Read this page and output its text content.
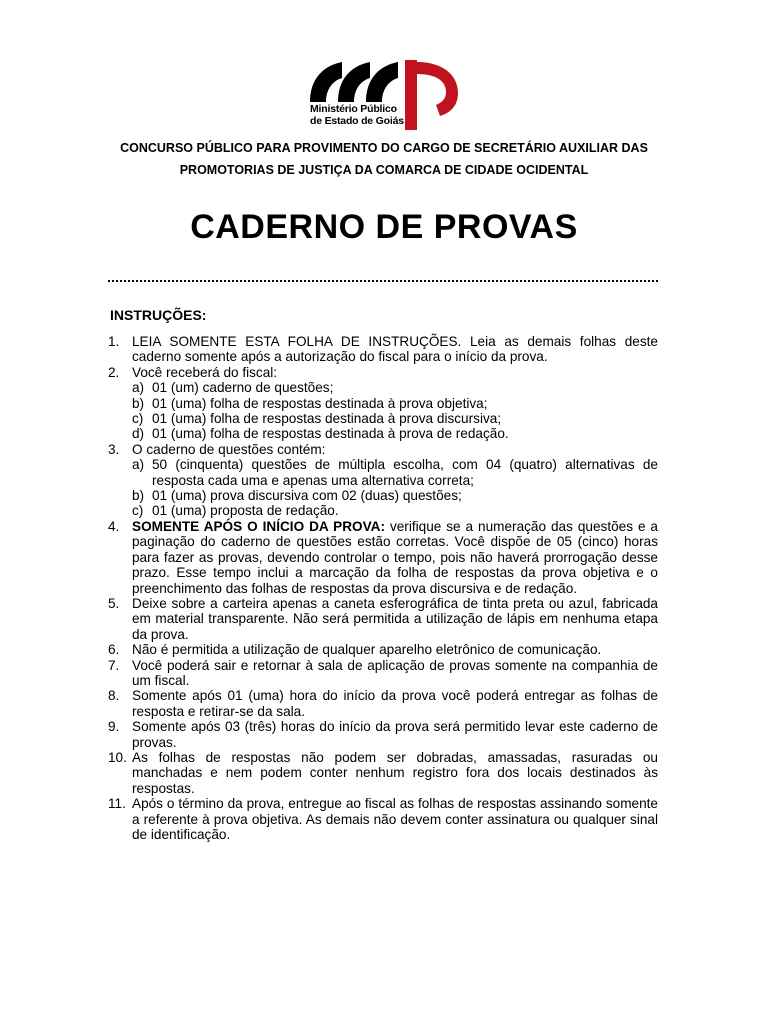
Ministério Público
de Estado de Goiás
CONCURSO PÚBLICO PARA PROVIMENTO DO CARGO DE SECRETÁRIO AUXILIAR DAS
PROMOTORIAS DE JUSTIÇA DA COMARCA DE CIDADE OCIDENTAL
CADERNO DE PROVAS
INSTRUÇÕES:
1. LEIA SOMENTE ESTA FOLHA DE INSTRUÇÕES. Leia as demais folhas deste caderno somente após a autorização do fiscal para o início da prova.
2. Você receberá do fiscal:
a) 01 (um) caderno de questões;
b) 01 (uma) folha de respostas destinada à prova objetiva;
c) 01 (uma) folha de respostas destinada à prova discursiva;
d) 01 (uma) folha de respostas destinada à prova de redação.
3. O caderno de questões contém:
a) 50 (cinquenta) questões de múltipla escolha, com 04 (quatro) alternativas de resposta cada uma e apenas uma alternativa correta;
b) 01 (uma) prova discursiva com 02 (duas) questões;
c) 01 (uma) proposta de redação.
4. SOMENTE APÓS O INÍCIO DA PROVA: verifique se a numeração das questões e a paginação do caderno de questões estão corretas. Você dispõe de 05 (cinco) horas para fazer as provas, devendo controlar o tempo, pois não haverá prorrogação desse prazo. Esse tempo inclui a marcação da folha de respostas da prova objetiva e o preenchimento das folhas de respostas da prova discursiva e de redação.
5. Deixe sobre a carteira apenas a caneta esferográfica de tinta preta ou azul, fabricada em material transparente. Não será permitida a utilização de lápis em nenhuma etapa da prova.
6. Não é permitida a utilização de qualquer aparelho eletrônico de comunicação.
7. Você poderá sair e retornar à sala de aplicação de provas somente na companhia de um fiscal.
8. Somente após 01 (uma) hora do início da prova você poderá entregar as folhas de resposta e retirar-se da sala.
9. Somente após 03 (três) horas do início da prova será permitido levar este caderno de provas.
10. As folhas de respostas não podem ser dobradas, amassadas, rasuradas ou manchadas e nem podem conter nenhum registro fora dos locais destinados às respostas.
11. Após o término da prova, entregue ao fiscal as folhas de respostas assinando somente a referente à prova objetiva. As demais não devem conter assinatura ou qualquer sinal de identificação.
